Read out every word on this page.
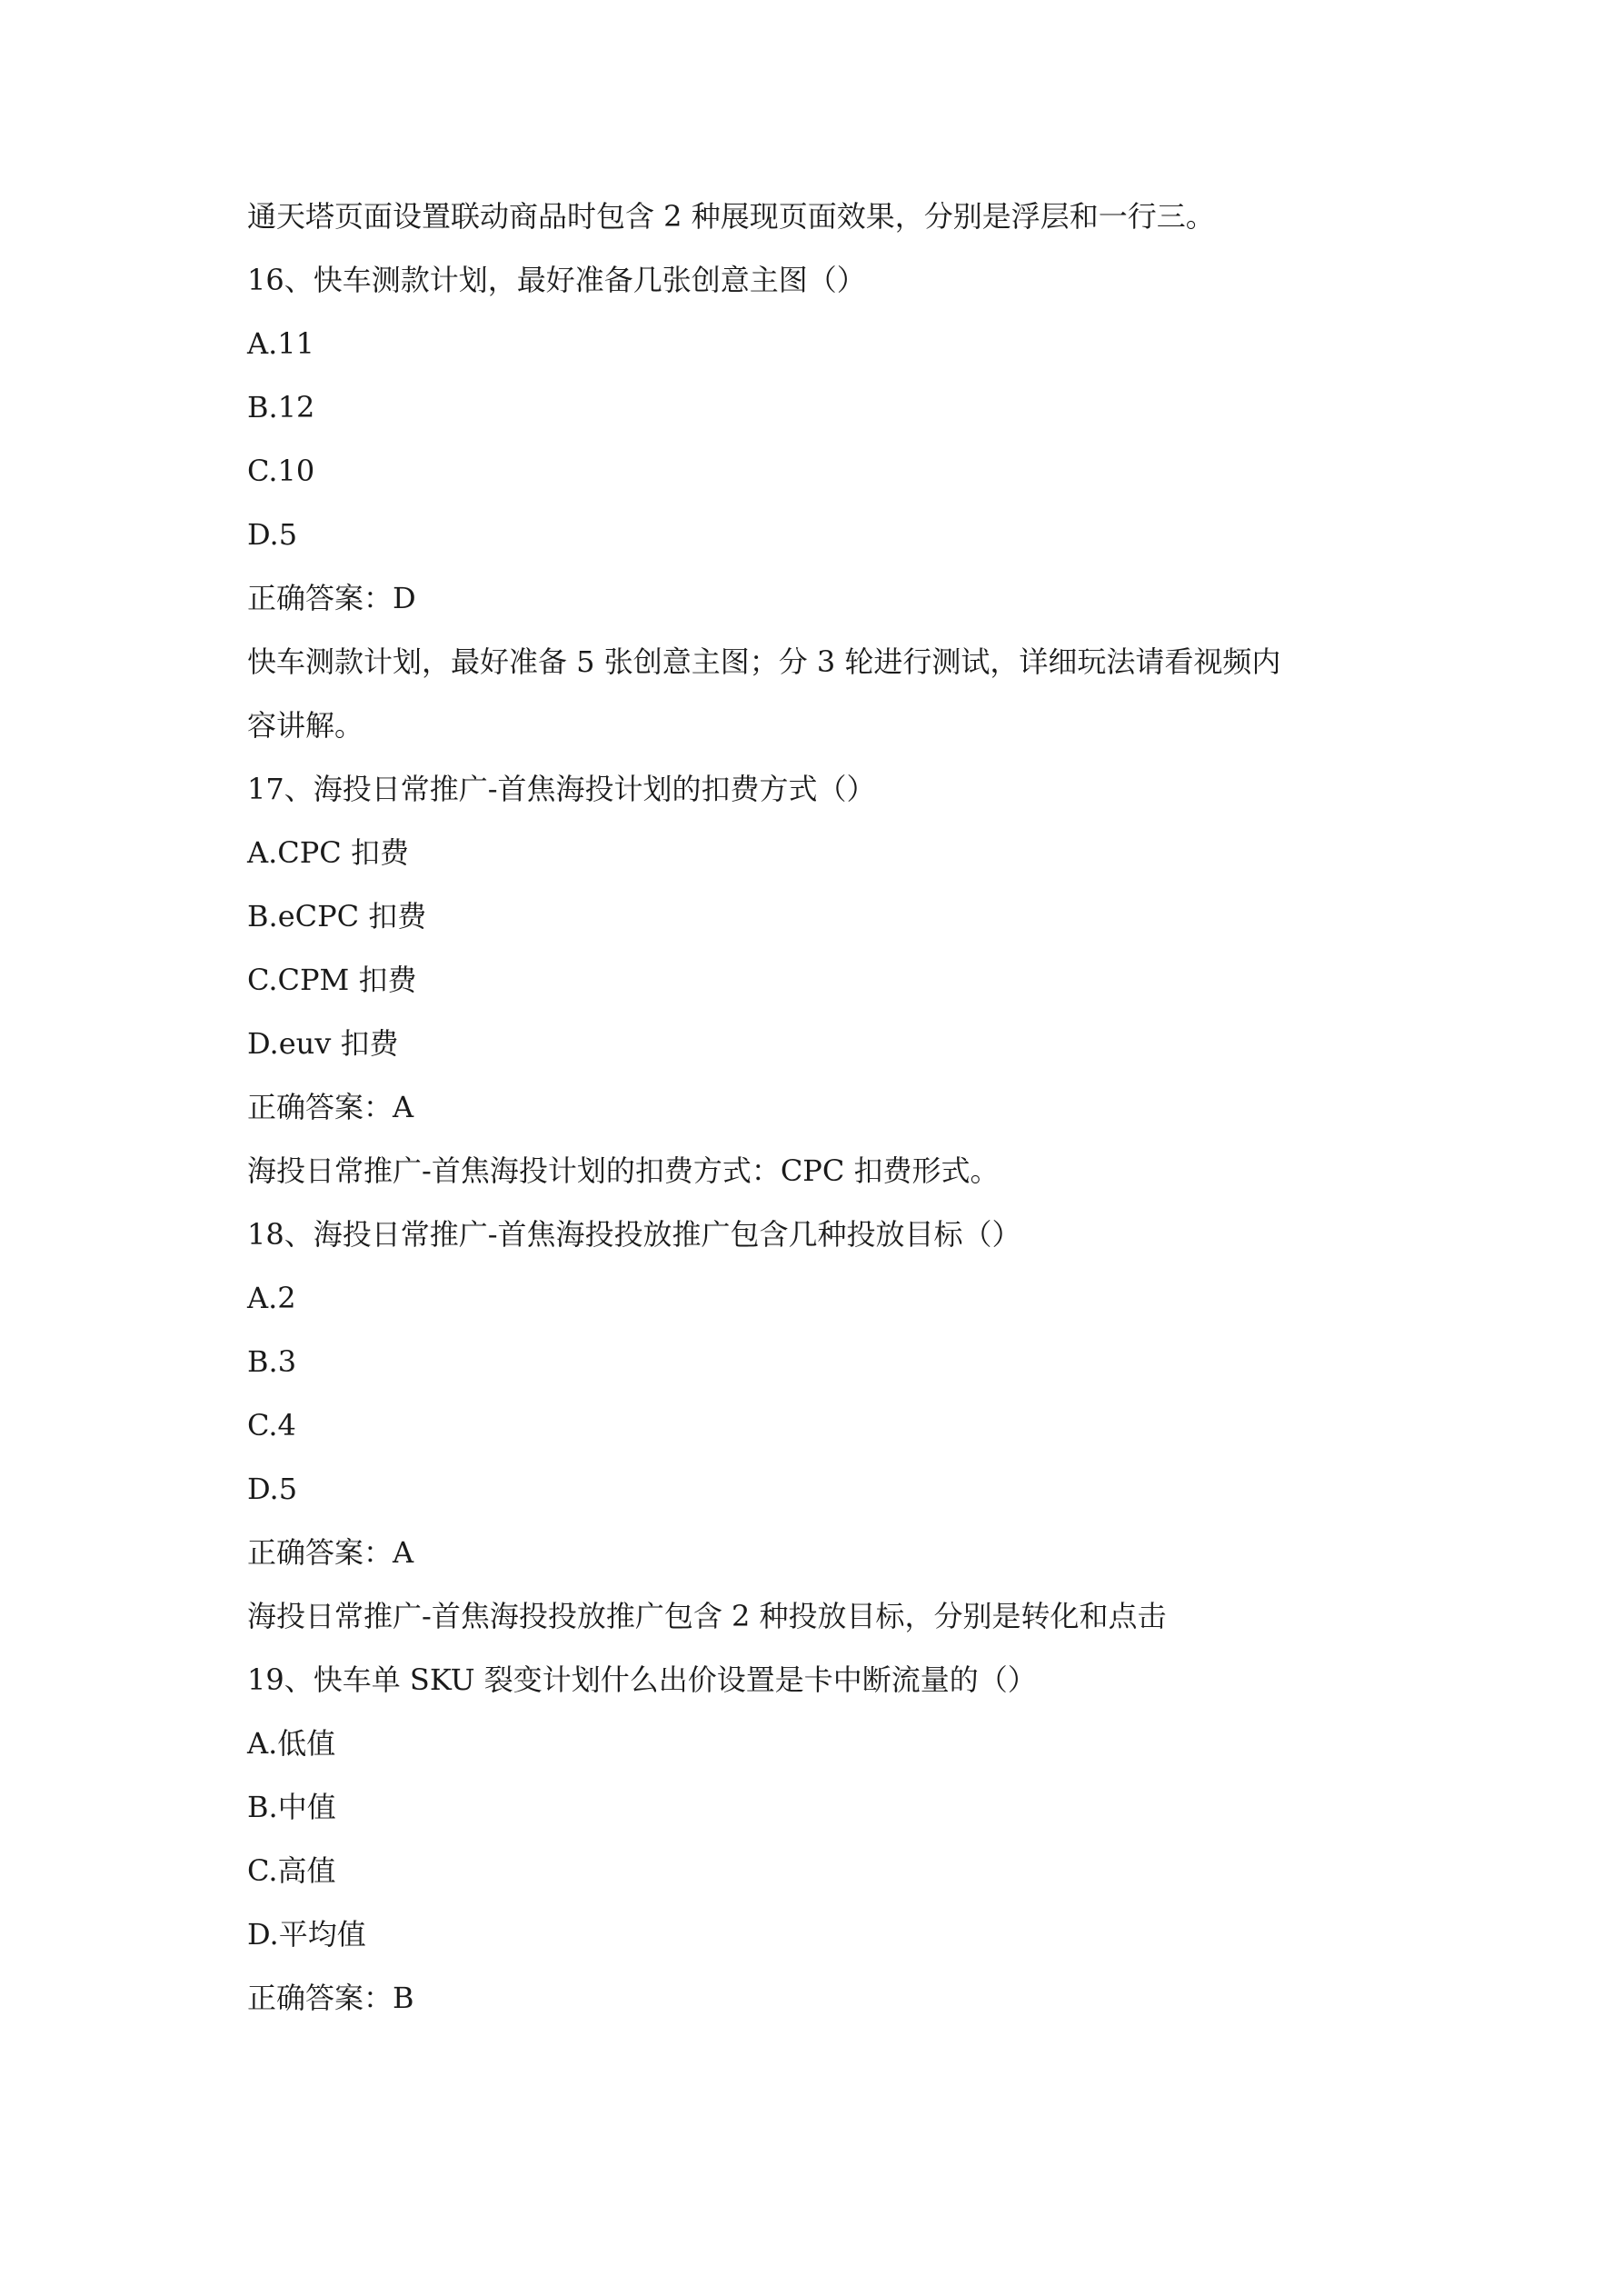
通天塔页面设置联动商品时包含 2 种展现页面效果，分别是浮层和一行三。

16、快车测款计划，最好准备几张创意主图（）

A.11

B.12

C.10

D.5

正确答案：D

快车测款计划，最好准备 5 张创意主图；分 3 轮进行测试，详细玩法请看视频内

容讲解。

17、海投日常推广-首焦海投计划的扣费方式（）

A.CPC 扣费

B.eCPC 扣费

C.CPM 扣费

D.euv 扣费

正确答案：A

海投日常推广-首焦海投计划的扣费方式：CPC 扣费形式。

18、海投日常推广-首焦海投投放推广包含几种投放目标（）

A.2

B.3

C.4

D.5

正确答案：A

海投日常推广-首焦海投投放推广包含 2 种投放目标，分别是转化和点击

19、快车单 SKU 裂变计划什么出价设置是卡中断流量的（）

A.低值

B.中值

C.高值

D.平均值

正确答案：B
